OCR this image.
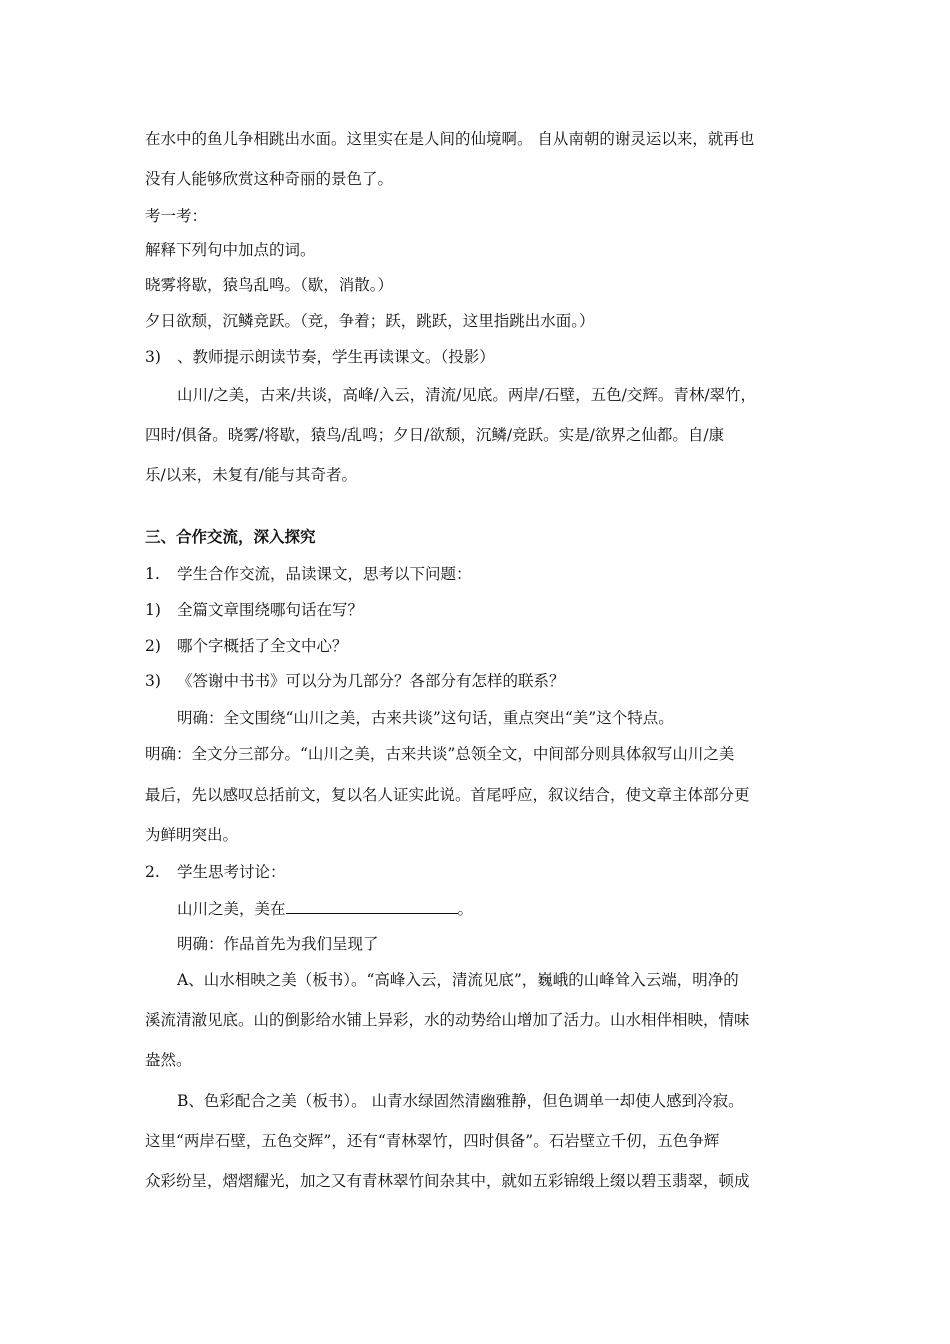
在水中的鱼儿争相跳出水面。这里实在是人间的仙境啊。 自从南朝的谢灵运以来，就再也
没有人能够欣赏这种奇丽的景色了。
考一考：
解释下列句中加点的词。
晓雾将歇，猿鸟乱鸣。（歇，消散。）
夕日欲颓，沉鳞竞跃。（竞，争着；跃，跳跃，这里指跳出水面。）
3) 、教师提示朗读节奏，学生再读课文。（投影）
山川/之美，古来/共谈，高峰/入云，清流/见底。两岸/石壁，五色/交辉。青林/翠竹，
四时/俱备。晓雾/将歇，猿鸟/乱鸣；夕日/欲颓，沉鳞/竞跃。实是/欲界之仙都。自/康
乐/以来，未复有/能与其奇者。
三、合作交流，深入探究
1. 学生合作交流，品读课文，思考以下问题：
1) 全篇文章围绕哪句话在写？
2) 哪个字概括了全文中心？
3) 《答谢中书书》可以分为几部分？各部分有怎样的联系？
明确：全文围绕“山川之美，古来共谈”这句话，重点突出“美”这个特点。
明确：全文分三部分。“山川之美，古来共谈”总领全文，中间部分则具体叙写山川之美
最后，先以感叹总括前文，复以名人证实此说。首尾呼应，叙议结合，使文章主体部分更
为鲜明突出。
2. 学生思考讨论：
山川之美，美在	。
明确：作品首先为我们呈现了
A、山水相映之美（板书）。“高峰入云，清流见底”，巍峨的山峰耸入云端，明净的
溪流清澈见底。山的倒影给水铺上异彩，水的动势给山增加了活力。山水相伴相映，情味
盎然。
B、色彩配合之美（板书）。 山青水绿固然清幽雅静，但色调单一却使人感到冷寂。
这里“两岸石壁，五色交辉”，还有“青林翠竹，四时俱备”。石岩壁立千仞，五色争辉
众彩纷呈，熠熠耀光，加之又有青林翠竹间杂其中，就如五彩锦缎上缀以碧玉翡翠，顿成
